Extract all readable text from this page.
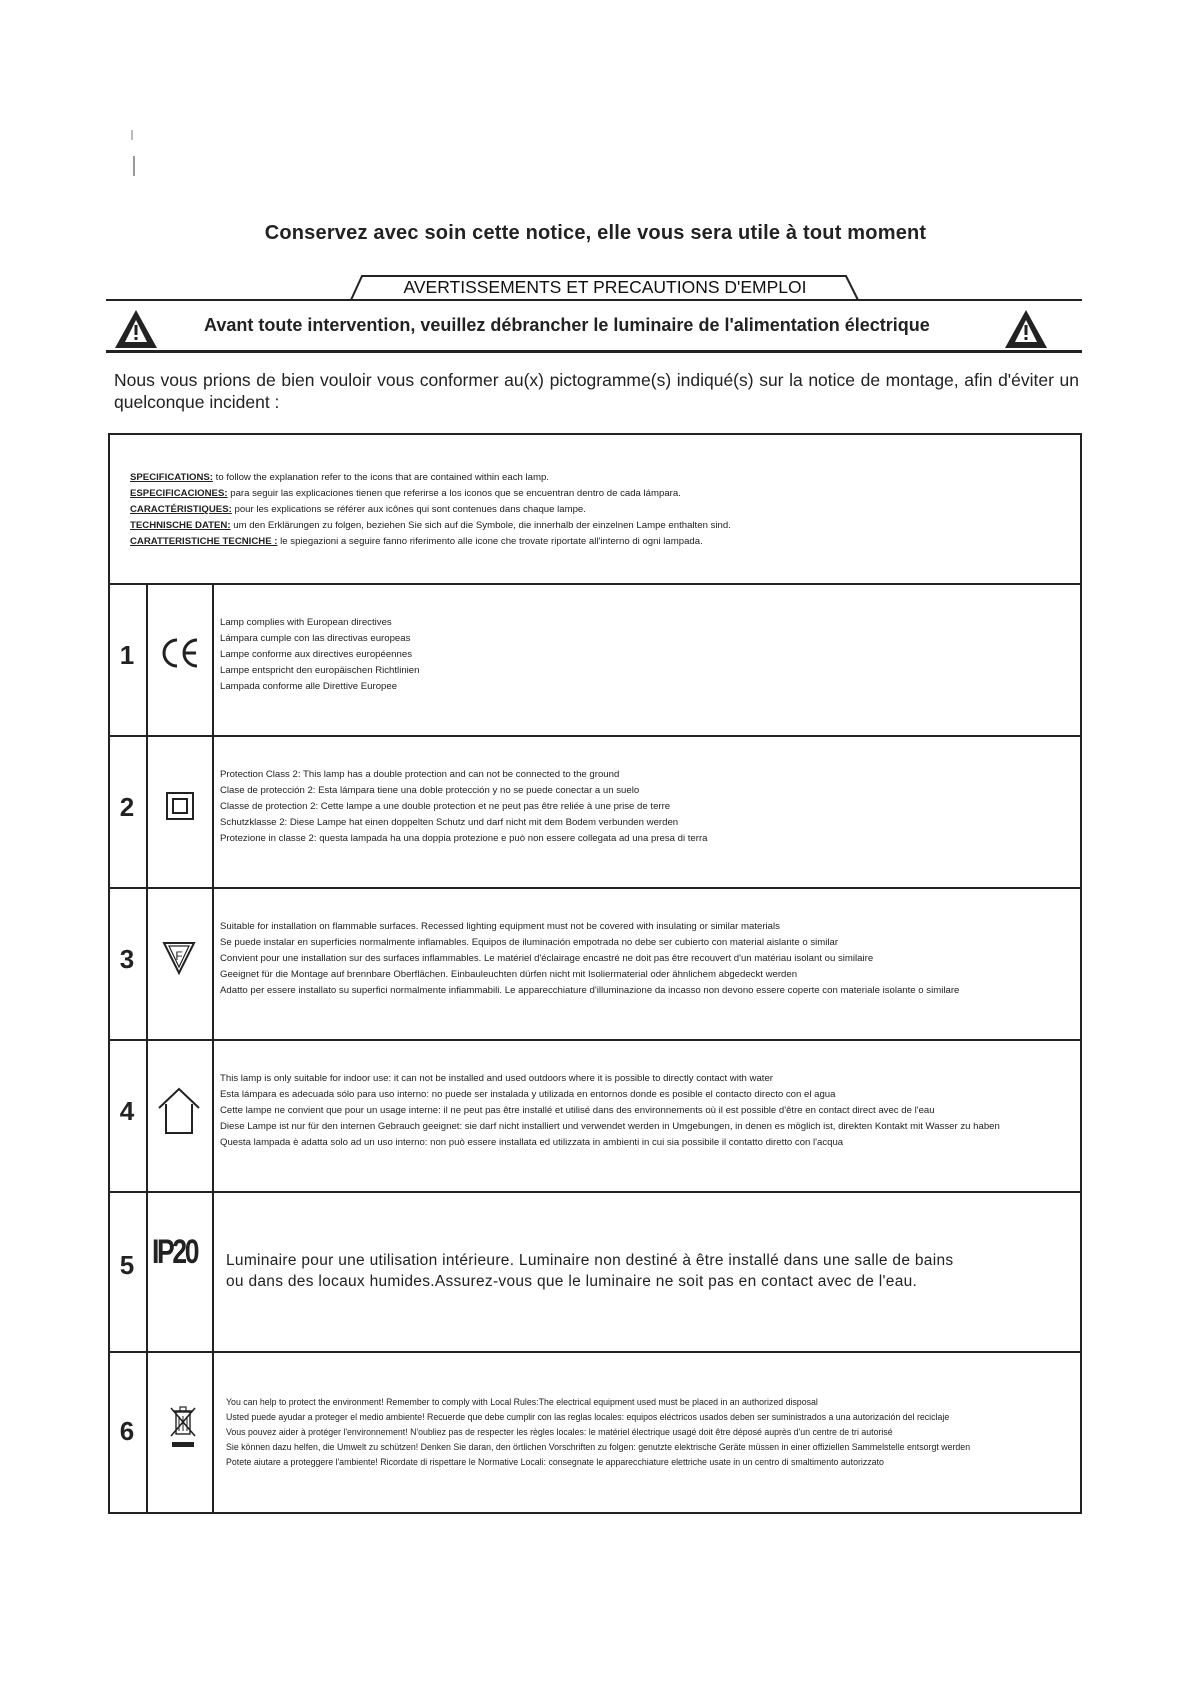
Conservez avec soin cette notice, elle vous sera utile à tout moment
AVERTISSEMENTS ET PRECAUTIONS D'EMPLOI
Avant toute intervention, veuillez débrancher le luminaire de l'alimentation électrique
Nous vous prions de bien vouloir vous conformer au(x) pictogramme(s) indiqué(s) sur la notice de montage, afin d'éviter un quelconque incident :
SPECIFICATIONS: to follow the explanation refer to the icons that are contained within each lamp.
ESPECIFICACIONES: para seguir las explicaciones tienen que referirse a los iconos que se encuentran dentro de cada lámpara.
CARACTÉRISTIQUES: pour les explications se référer aux icônes qui sont contenues dans chaque lampe.
TECHNISCHE DATEN: um den Erklärungen zu folgen, beziehen Sie sich auf die Symbole, die innerhalb der einzelnen Lampe enthalten sind.
CARATTERISTICHE TECNICHE : le spiegazioni a seguire fanno riferimento alle icone che trovate riportate all'interno di ogni lampada.
1
Lamp complies with European directives
Lámpara cumple con las directivas europeas
Lampe conforme aux directives européennes
Lampe entspricht den europäischen Richtlinien
Lampada conforme alle Direttive Europee
2
Protection Class 2: This lamp has a double protection and can not be connected to the ground
Clase de protección 2: Esta lámpara tiene una doble protección y no se puede conectar a un suelo
Classe de protection 2: Cette lampe a une double protection et ne peut pas être reliée à une prise de terre
Schutzklasse 2: Diese Lampe hat einen doppelten Schutz und darf nicht mit dem Bodem verbunden werden
Protezione in classe 2: questa lampada ha una doppia protezione e può non essere collegata ad una presa di terra
3	F
Suitable for installation on flammable surfaces. Recessed lighting equipment must not be covered with insulating or similar materials
Se puede instalar en superficies normalmente inflamables. Equipos de iluminación empotrada no debe ser cubierto con material aislante o similar
Convient pour une installation sur des surfaces inflammables. Le matériel d'éclairage encastré ne doit pas être recouvert d'un matériau isolant ou similaire
Geeignet für die Montage auf brennbare Oberflächen. Einbauleuchten dürfen nicht mit Isoliermaterial oder ähnlichem abgedeckt werden
Adatto per essere installato su superfici normalmente infiammabili. Le apparecchiature d'illuminazione da incasso non devono essere coperte con materiale isolante o similare
4
This lamp is only suitable for indoor use: it can not be installed and used outdoors where it is possible to directly contact with water
Esta lámpara es adecuada sólo para uso interno: no puede ser instalada y utilizada en entornos donde es posible el contacto directo con el agua
Cette lampe ne convient que pour un usage interne: il ne peut pas être installé et utilisé dans des environnements où il est possible d'être en contact direct avec de l'eau
Diese Lampe ist nur für den internen Gebrauch geeignet: sie darf nicht installiert und verwendet werden in Umgebungen, in denen es möglich ist, direkten Kontakt mit Wasser zu haben
Questa lampada è adatta solo ad un uso interno: non può essere installata ed utilizzata in ambienti in cui sia possibile il contatto diretto con l'acqua
5 IP20	Luminaire pour une utilisation intérieure. Luminaire non destiné à être installé dans une salle de bains
ou dans des locaux humides.Assurez-vous que le luminaire ne soit pas en contact avec de l'eau.
6
You can help to protect the environment! Remember to comply with Local Rules:The electrical equipment used must be placed in an authorized disposal
Usted puede ayudar a proteger el medio ambiente! Recuerde que debe cumplir con las reglas locales: equipos eléctricos usados deben ser suministrados a una autorización del reciclaje
Vous pouvez aider à protéger l'environnement! N'oubliez pas de respecter les règles locales: le matériel électrique usagé doit être déposé auprès d'un centre de tri autorisé
Sie können dazu helfen, die Umwelt zu schützen! Denken Sie daran, den örtlichen Vorschriften zu folgen: genutzte elektrische Geräte müssen in einer offiziellen Sammelstelle entsorgt werden
Potete aiutare a proteggere l'ambiente! Ricordate di rispettare le Normative Locali: consegnate le apparecchiature elettriche usate in un centro di smaltimento autorizzato
